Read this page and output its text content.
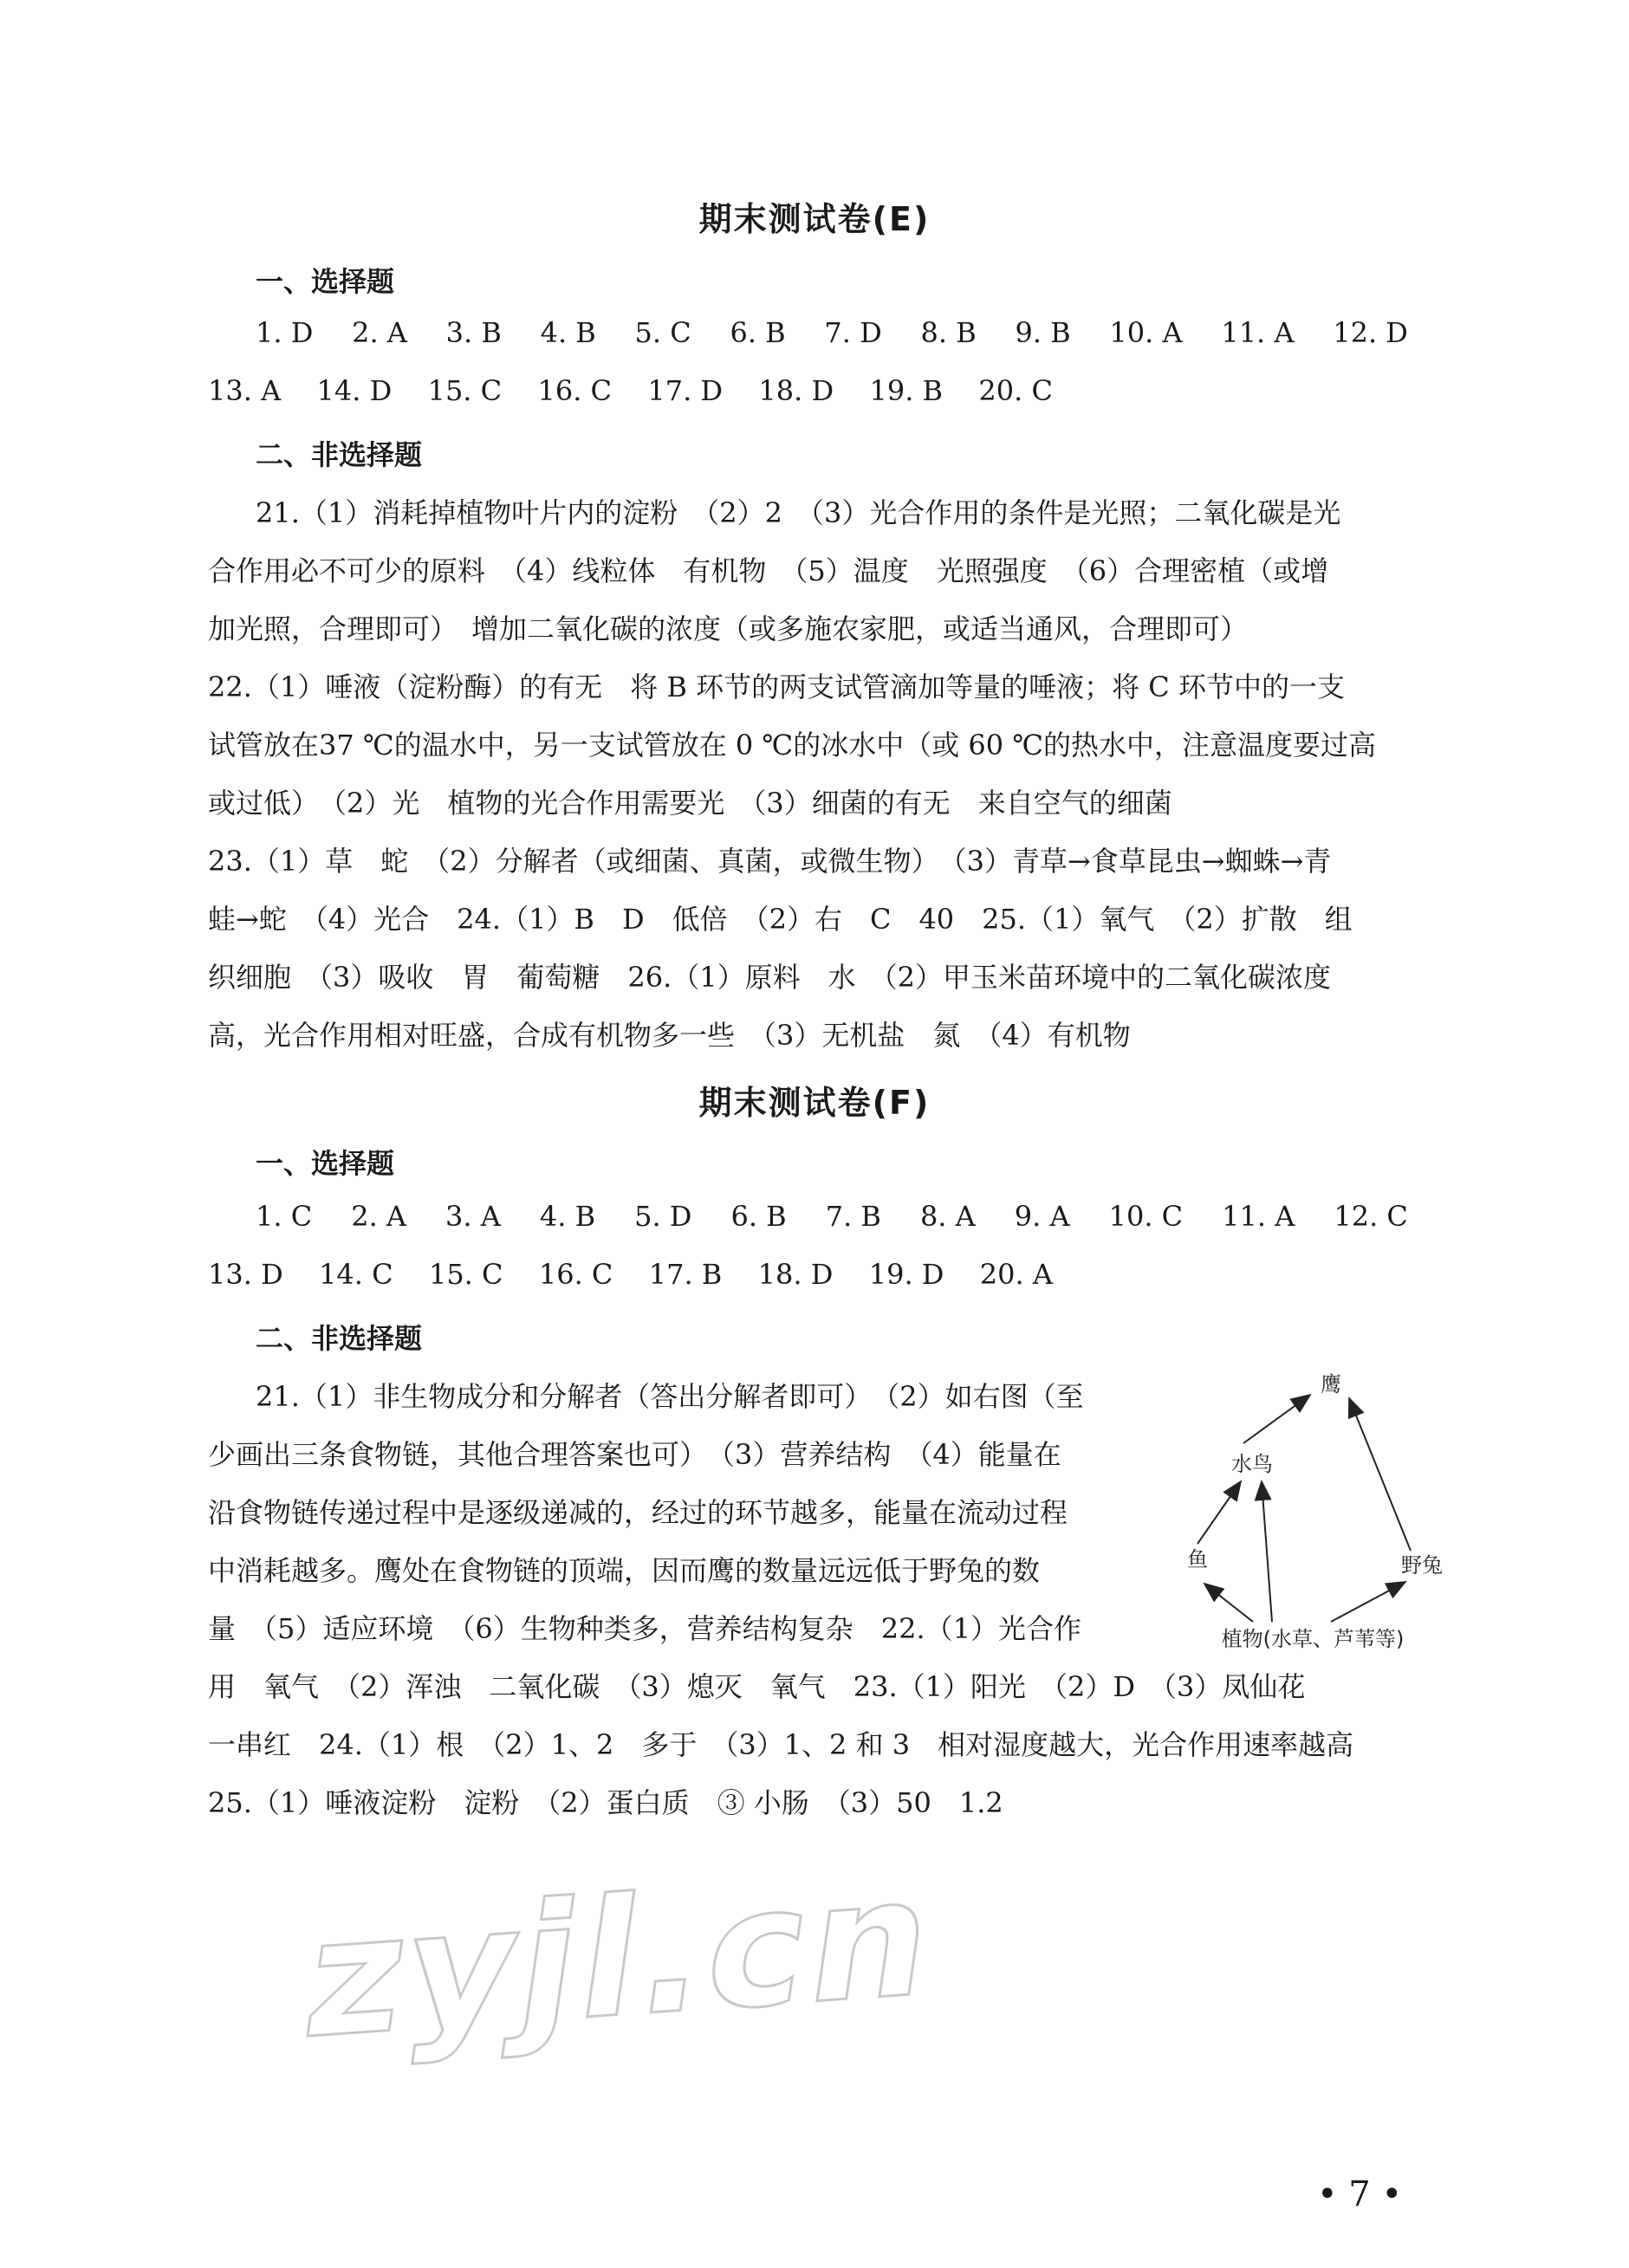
期末测试卷(E)
一、选择题
1. D 2. A 3. B 4. B 5. C 6. B 7. D 8. B 9. B 10. A 11. A 12. D
13. A 14. D 15. C 16. C 17. D 18. D 19. B 20. C
二、非选择题
21.（1）消耗掉植物叶片内的淀粉　（2）2　（3）光合作用的条件是光照；二氧化碳是光
合作用必不可少的原料　（4）线粒体　有机物　（5）温度　光照强度　（6）合理密植（或增
加光照，合理即可）　增加二氧化碳的浓度（或多施农家肥，或适当通风，合理即可）
22.（1）唾液（淀粉酶）的有无　将 B 环节的两支试管滴加等量的唾液；将 C 环节中的一支
试管放在37 ℃的温水中，另一支试管放在 0 ℃的冰水中（或 60 ℃的热水中，注意温度要过高
或过低）　（2）光　植物的光合作用需要光　（3）细菌的有无　来自空气的细菌
23.（1）草　蛇　（2）分解者（或细菌、真菌，或微生物）　（3）青草→食草昆虫→蜘蛛→青
蛙→蛇　（4）光合　24.（1）B　D　低倍　（2）右　C　40　25.（1）氧气　（2）扩散　组
织细胞　（3）吸收　胃　葡萄糖　26.（1）原料　水　（2）甲玉米苗环境中的二氧化碳浓度
高，光合作用相对旺盛，合成有机物多一些　（3）无机盐　氮　（4）有机物
期末测试卷(F)
一、选择题
1. C 2. A 3. A 4. B 5. D 6. B 7. B 8. A 9. A 10. C 11. A 12. C
13. D 14. C 15. C 16. C 17. B 18. D 19. D 20. A
二、非选择题
21.（1）非生物成分和分解者（答出分解者即可）　（2）如右图（至
少画出三条食物链，其他合理答案也可）　（3）营养结构　（4）能量在
沿食物链传递过程中是逐级递减的，经过的环节越多，能量在流动过程
中消耗越多。鹰处在食物链的顶端，因而鹰的数量远远低于野兔的数
量　（5）适应环境　（6）生物种类多，营养结构复杂　22.（1）光合作
用　氧气　（2）浑浊　二氧化碳　（3）熄灭　氧气　23.（1）阳光　（2）D　（3）凤仙花
一串红　24.（1）根　（2）1、2　多于　（3）1、2 和 3　相对湿度越大，光合作用速率越高
25.（1）唾液淀粉　淀粉　（2）蛋白质　③ 小肠　（3）50　1.2
鹰
水鸟
鱼	野兔
植物(水草、芦苇等)
zyjl.cn
• 7 •
